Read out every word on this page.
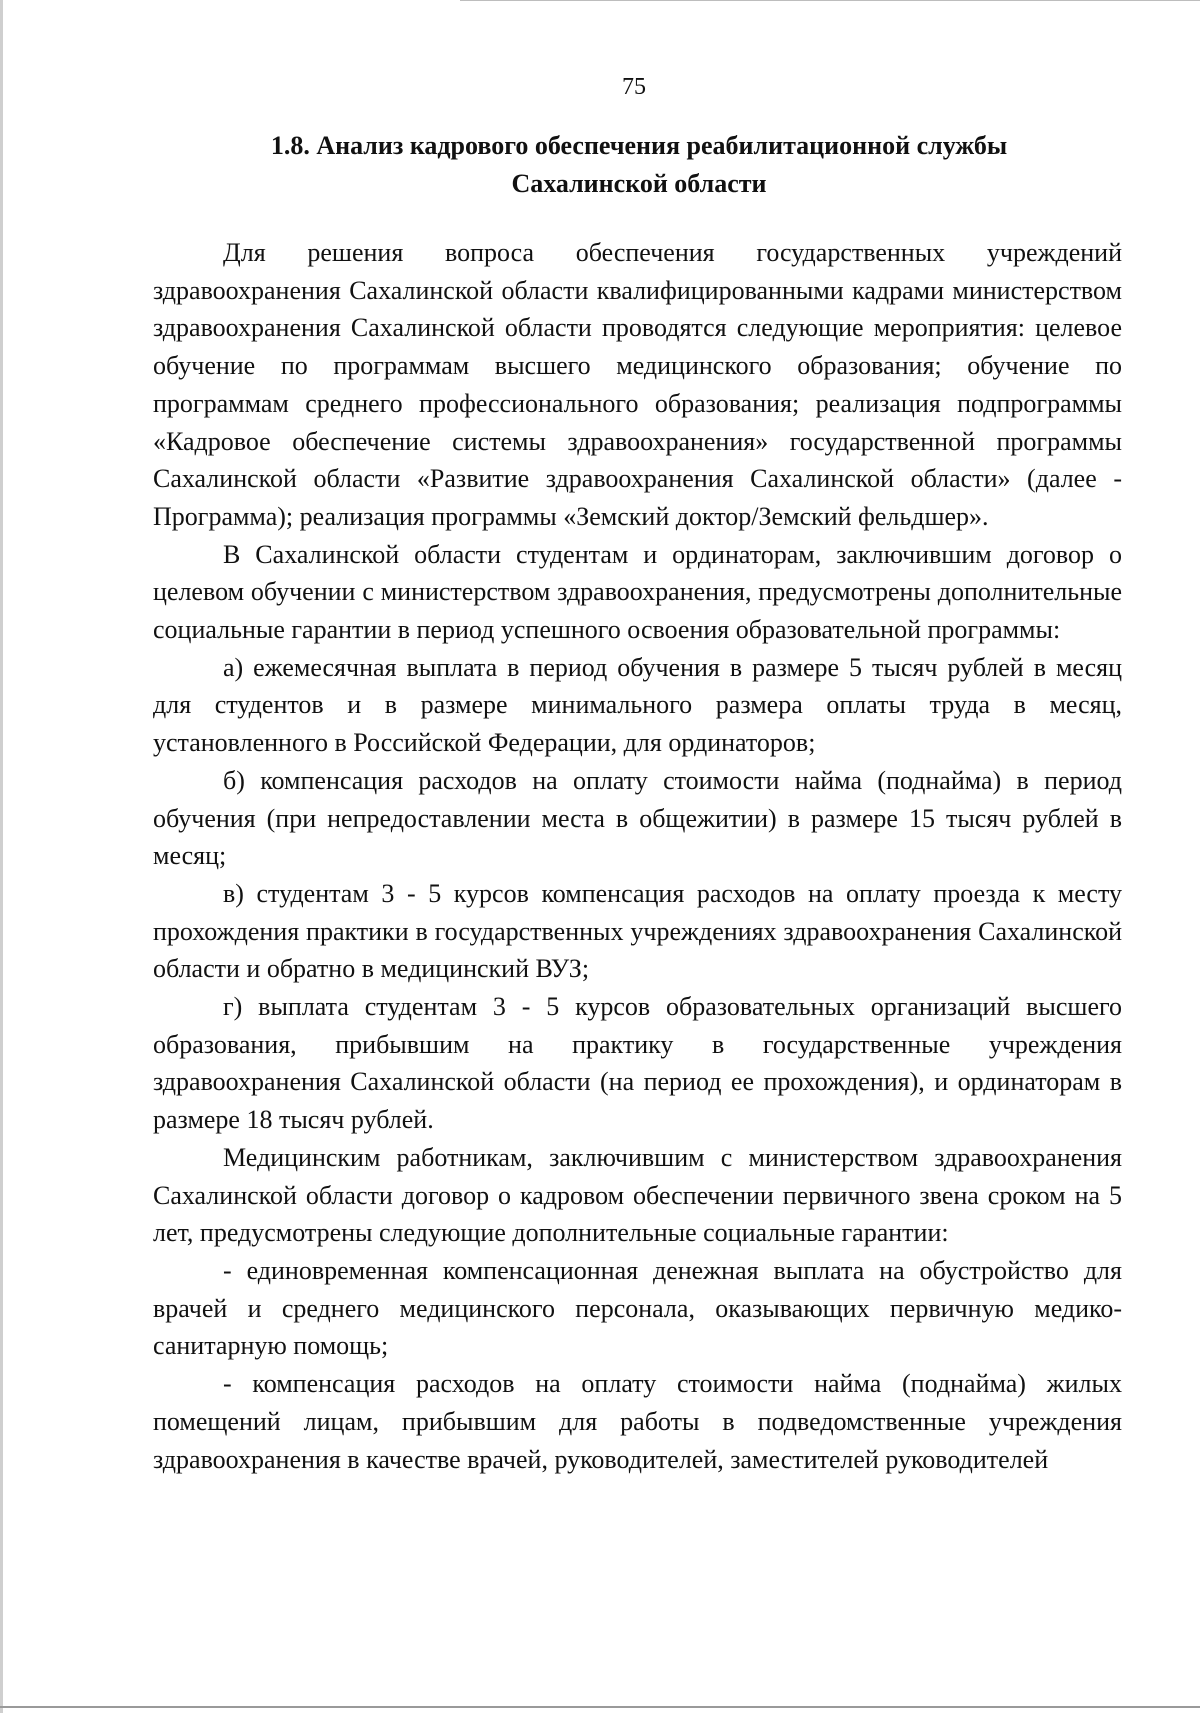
75
1.8. Анализ кадрового обеспечения реабилитационной службы
Сахалинской области

Для решения вопроса обеспечения государственных учреждений здравоохранения Сахалинской области квалифицированными кадрами министерством здравоохранения Сахалинской области проводятся следующие мероприятия: целевое обучение по программам высшего медицинского образования; обучение по программам среднего профессионального образования; реализация подпрограммы «Кадровое обеспечение системы здравоохранения» государственной программы Сахалинской области «Развитие здравоохранения Сахалинской области» (далее - Программа); реализация программы «Земский доктор/Земский фельдшер».

В Сахалинской области студентам и ординаторам, заключившим договор о целевом обучении с министерством здравоохранения, предусмотрены дополнительные социальные гарантии в период успешного освоения образовательной программы:

а) ежемесячная выплата в период обучения в размере 5 тысяч рублей в месяц для студентов и в размере минимального размера оплаты труда в месяц, установленного в Российской Федерации, для ординаторов;

б) компенсация расходов на оплату стоимости найма (поднайма) в период обучения (при непредоставлении места в общежитии) в размере 15 тысяч рублей в месяц;

в) студентам 3 - 5 курсов компенсация расходов на оплату проезда к месту прохождения практики в государственных учреждениях здравоохранения Сахалинской области и обратно в медицинский ВУЗ;

г) выплата студентам 3 - 5 курсов образовательных организаций высшего образования, прибывшим на практику в государственные учреждения здравоохранения Сахалинской области (на период ее прохождения), и ординаторам в размере 18 тысяч рублей.

Медицинским работникам, заключившим с министерством здравоохранения Сахалинской области договор о кадровом обеспечении первичного звена сроком на 5 лет, предусмотрены следующие дополнительные социальные гарантии:

- единовременная компенсационная денежная выплата на обустройство для врачей и среднего медицинского персонала, оказывающих первичную медико-санитарную помощь;

- компенсация расходов на оплату стоимости найма (поднайма) жилых помещений лицам, прибывшим для работы в подведомственные учреждения здравоохранения в качестве врачей, руководителей, заместителей руководителей
